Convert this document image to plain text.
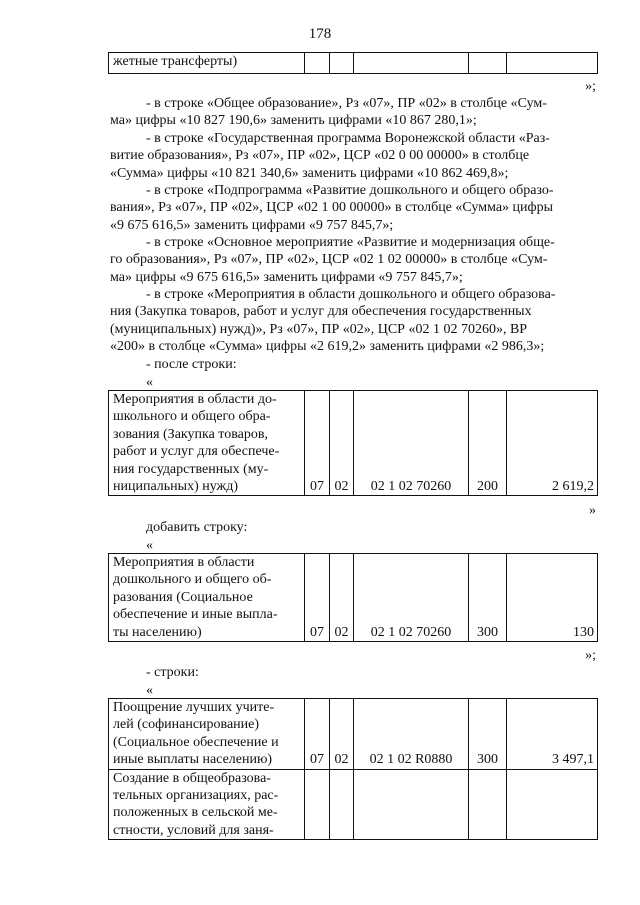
178
жетные трансферты)					
»;
- в строке «Общее образование», Рз «07», ПР «02» в столбце «Сум-
ма» цифры «10 827 190,6» заменить цифрами «10 867 280,1»;
- в строке «Государственная программа Воронежской области «Раз-
витие образования», Рз «07», ПР «02», ЦСР «02 0 00 00000» в столбце
«Сумма» цифры «10 821 340,6» заменить цифрами «10 862 469,8»;
- в строке «Подпрограмма «Развитие дошкольного и общего образо-
вания», Рз «07», ПР «02», ЦСР «02 1 00 00000» в столбце «Сумма» цифры
«9 675 616,5» заменить цифрами «9 757 845,7»;
- в строке «Основное мероприятие «Развитие и модернизация обще-
го образования», Рз «07», ПР «02», ЦСР «02 1 02 00000» в столбце «Сум-
ма» цифры «9 675 616,5» заменить цифрами «9 757 845,7»;
- в строке «Мероприятия в области дошкольного и общего образова-
ния (Закупка товаров, работ и услуг для обеспечения государственных
(муниципальных) нужд)», Рз «07», ПР «02», ЦСР «02 1 02 70260», ВР
«200» в столбце «Сумма» цифры «2 619,2» заменить цифрами «2 986,3»;
- после строки:
«
Мероприятия в области до-
школьного и общего обра-
зования (Закупка товаров,
работ и услуг для обеспече-
ния государственных (му-
ниципальных) нужд)	07	02	02 1 02 70260	200	2 619,2
»
добавить строку:
«
Мероприятия в области
дошкольного и общего об-
разования (Социальное
обеспечение и иные выпла-
ты населению)	07	02	02 1 02 70260	300	130
»;
- строки:
«
Поощрение лучших учите-
лей (софинансирование)
(Социальное обеспечение и
иные выплаты населению)	07	02	02 1 02 R0880	300	3 497,1

Создание в общеобразова-
тельных организациях, рас-
положенных в сельской ме-
стности, условий для заня-					
